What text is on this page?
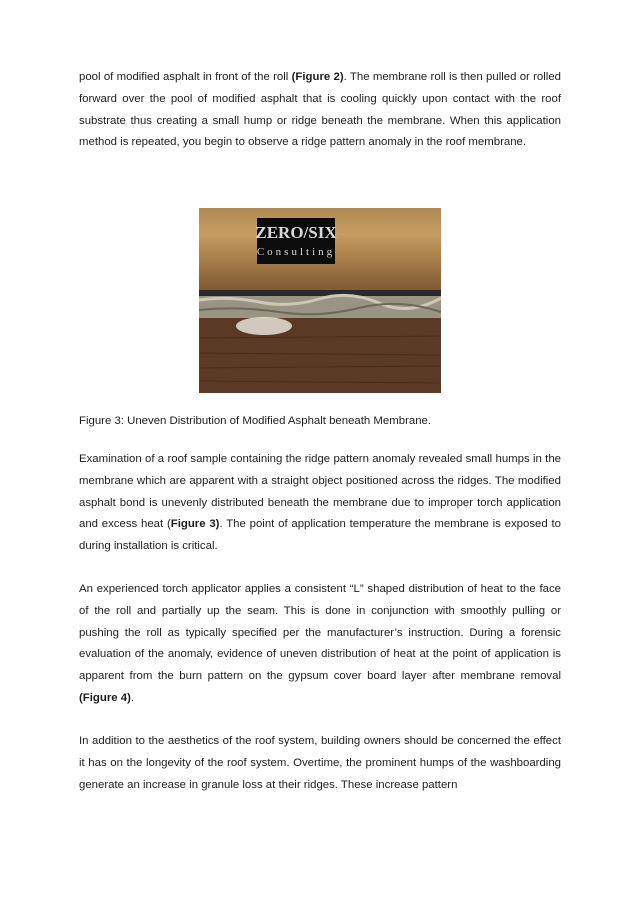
pool of modified asphalt in front of the roll (Figure 2). The membrane roll is then pulled or rolled forward over the pool of modified asphalt that is cooling quickly upon contact with the roof substrate thus creating a small hump or ridge beneath the membrane. When this application method is repeated, you begin to observe a ridge pattern anomaly in the roof membrane.

ZERO/SIX
Consulting

Figure 3: Uneven Distribution of Modified Asphalt beneath Membrane.

Examination of a roof sample containing the ridge pattern anomaly revealed small humps in the membrane which are apparent with a straight object positioned across the ridges. The modified asphalt bond is unevenly distributed beneath the membrane due to improper torch application and excess heat (Figure 3). The point of application temperature the membrane is exposed to during installation is critical.

An experienced torch applicator applies a consistent “L” shaped distribution of heat to the face of the roll and partially up the seam. This is done in conjunction with smoothly pulling or pushing the roll as typically specified per the manufacturer’s instruction. During a forensic evaluation of the anomaly, evidence of uneven distribution of heat at the point of application is apparent from the burn pattern on the gypsum cover board layer after membrane removal (Figure 4).

In addition to the aesthetics of the roof system, building owners should be concerned the effect it has on the longevity of the roof system. Overtime, the prominent humps of the washboarding generate an increase in granule loss at their ridges. These increase pattern
